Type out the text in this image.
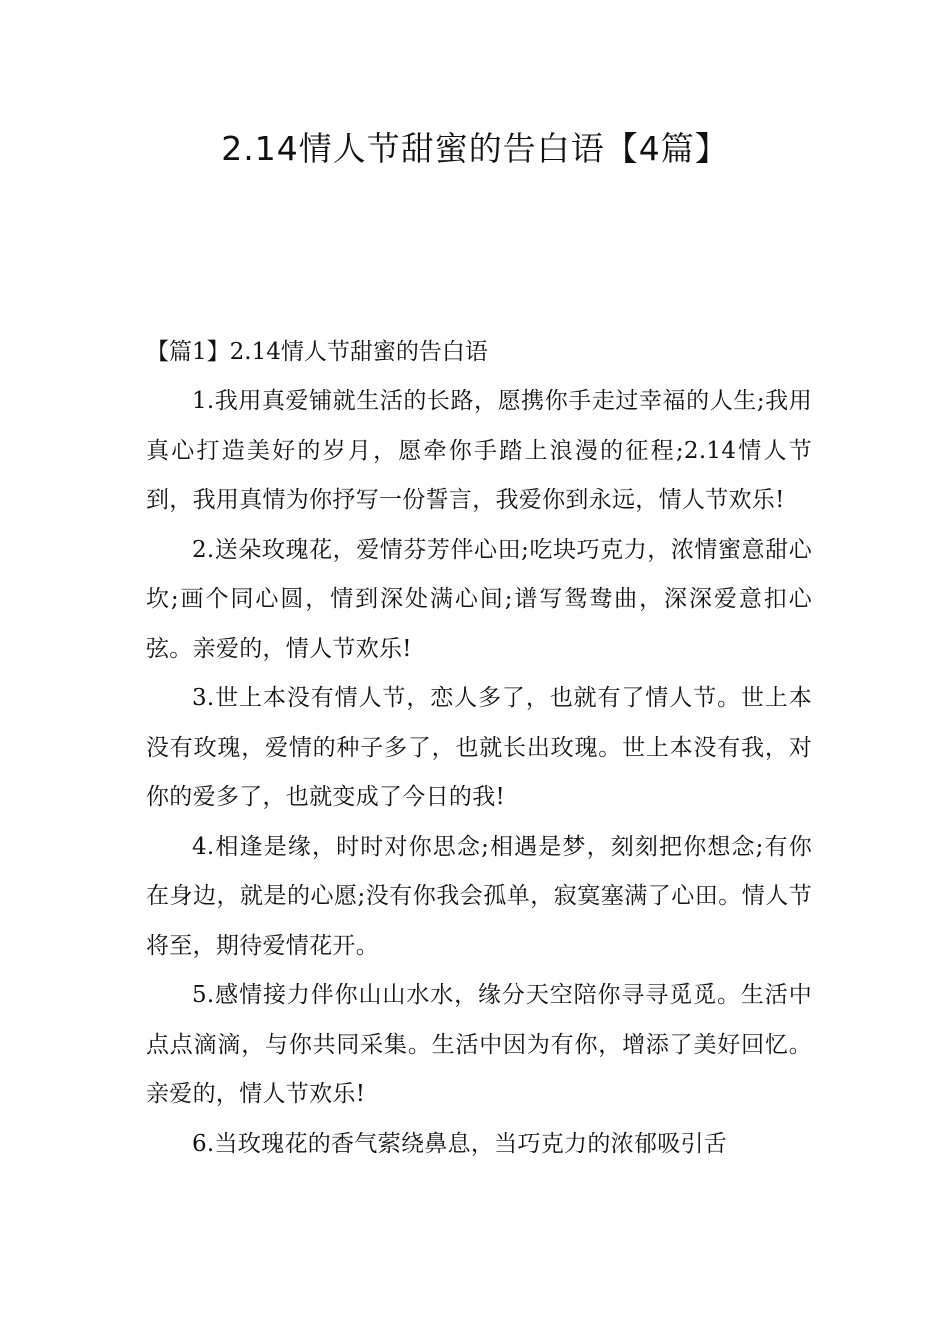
2.14情人节甜蜜的告白语【4篇】

【篇1】2.14情人节甜蜜的告白语

1.我用真爱铺就生活的长路，愿携你手走过幸福的人生;我用真心打造美好的岁月，愿牵你手踏上浪漫的征程;2.14情人节到，我用真情为你抒写一份誓言，我爱你到永远，情人节欢乐!

2.送朵玫瑰花，爱情芬芳伴心田;吃块巧克力，浓情蜜意甜心坎;画个同心圆，情到深处满心间;谱写鸳鸯曲，深深爱意扣心弦。亲爱的，情人节欢乐!

3.世上本没有情人节，恋人多了，也就有了情人节。世上本没有玫瑰，爱情的种子多了，也就长出玫瑰。世上本没有我，对你的爱多了，也就变成了今日的我!

4.相逢是缘，时时对你思念;相遇是梦，刻刻把你想念;有你在身边，就是的心愿;没有你我会孤单，寂寞塞满了心田。情人节将至，期待爱情花开。

5.感情接力伴你山山水水，缘分天空陪你寻寻觅觅。生活中点点滴滴，与你共同采集。生活中因为有你，增添了美好回忆。亲爱的，情人节欢乐!

6.当玫瑰花的香气萦绕鼻息，当巧克力的浓郁吸引舌
